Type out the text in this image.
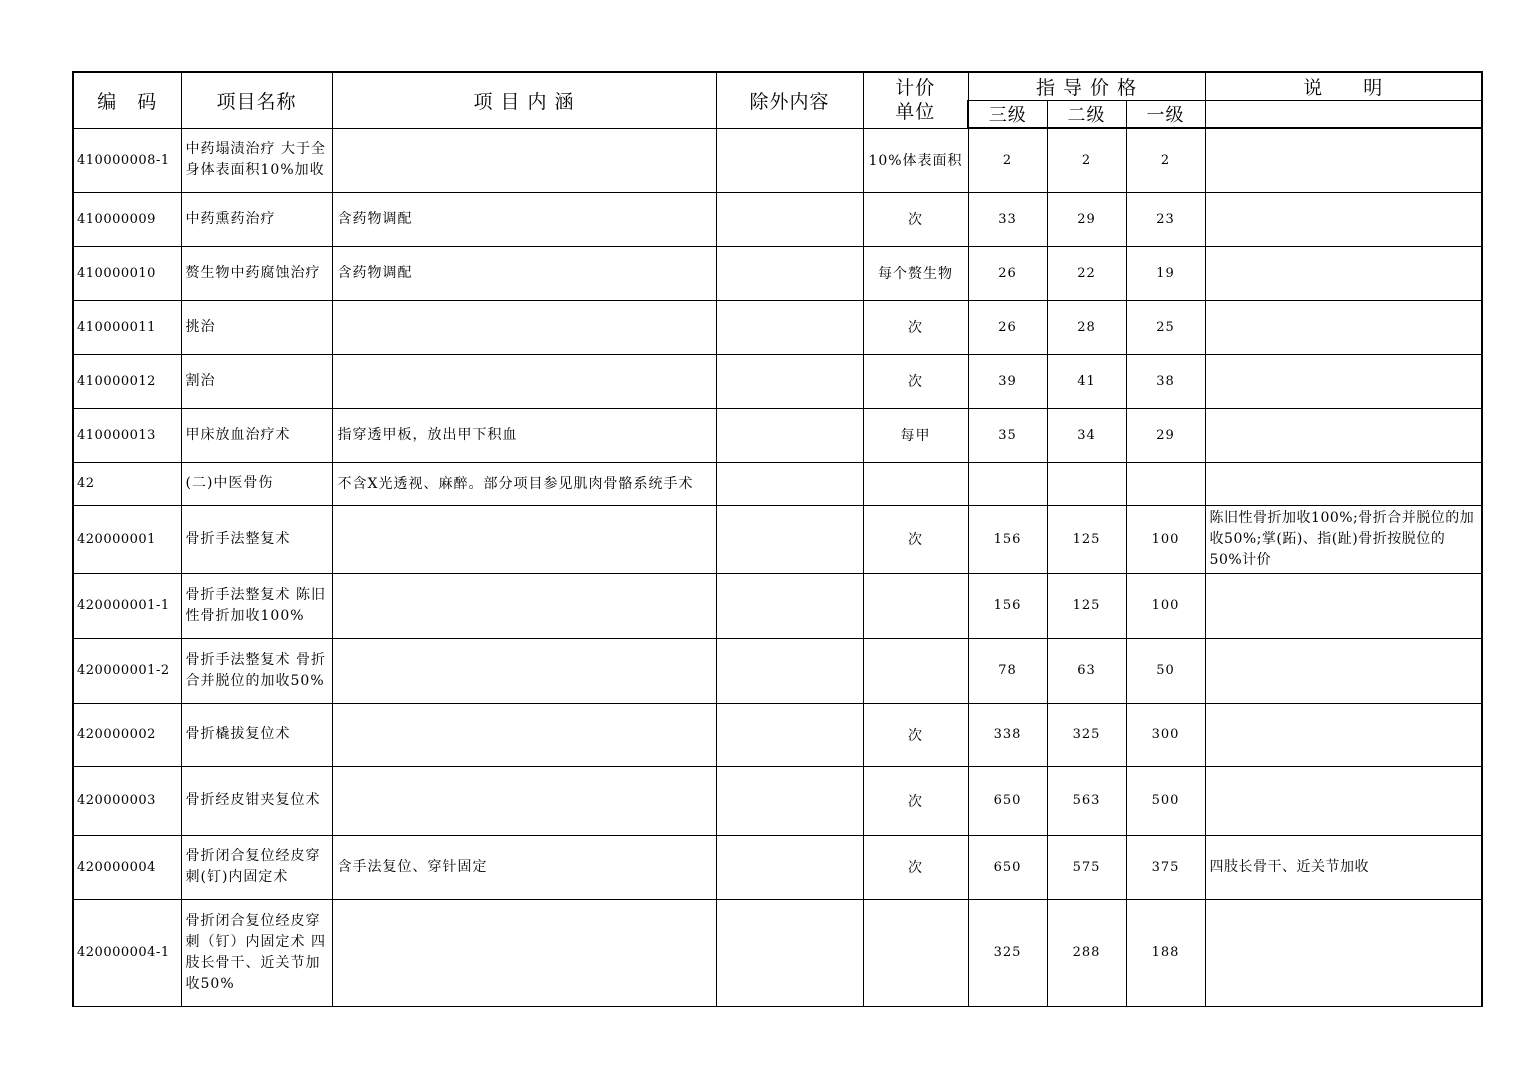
编　码	项目名称	项 目 内 涵	除外内容	计价
单位	指 导 价 格			说　　明
					三级	二级	一级	
410000008-1	中药塌渍治疗 大于全身体表面积10%加收			10%体表面积	2	2	2	
410000009	中药熏药治疗	含药物调配		次	33	29	23	
410000010	赘生物中药腐蚀治疗	含药物调配		每个赘生物	26	22	19	
410000011	挑治			次	26	28	25	
410000012	割治			次	39	41	38	
410000013	甲床放血治疗术	指穿透甲板，放出甲下积血		每甲	35	34	29	
42	(二)中医骨伤	不含X光透视、麻醉。部分项目参见肌肉骨骼系统手术						
420000001	骨折手法整复术			次	156	125	100	陈旧性骨折加收100%;骨折合并脱位的加收50%;掌(跖)、指(趾)骨折按脱位的50%计价
420000001-1	骨折手法整复术 陈旧性骨折加收100%				156	125	100	
420000001-2	骨折手法整复术 骨折合并脱位的加收50%				78	63	50	
420000002	骨折橇拔复位术			次	338	325	300	
420000003	骨折经皮钳夹复位术			次	650	563	500	
420000004	骨折闭合复位经皮穿刺(钉)内固定术	含手法复位、穿针固定		次	650	575	375	四肢长骨干、近关节加收
420000004-1	骨折闭合复位经皮穿刺（钉）内固定术 四肢长骨干、近关节加收50%				325	288	188	
